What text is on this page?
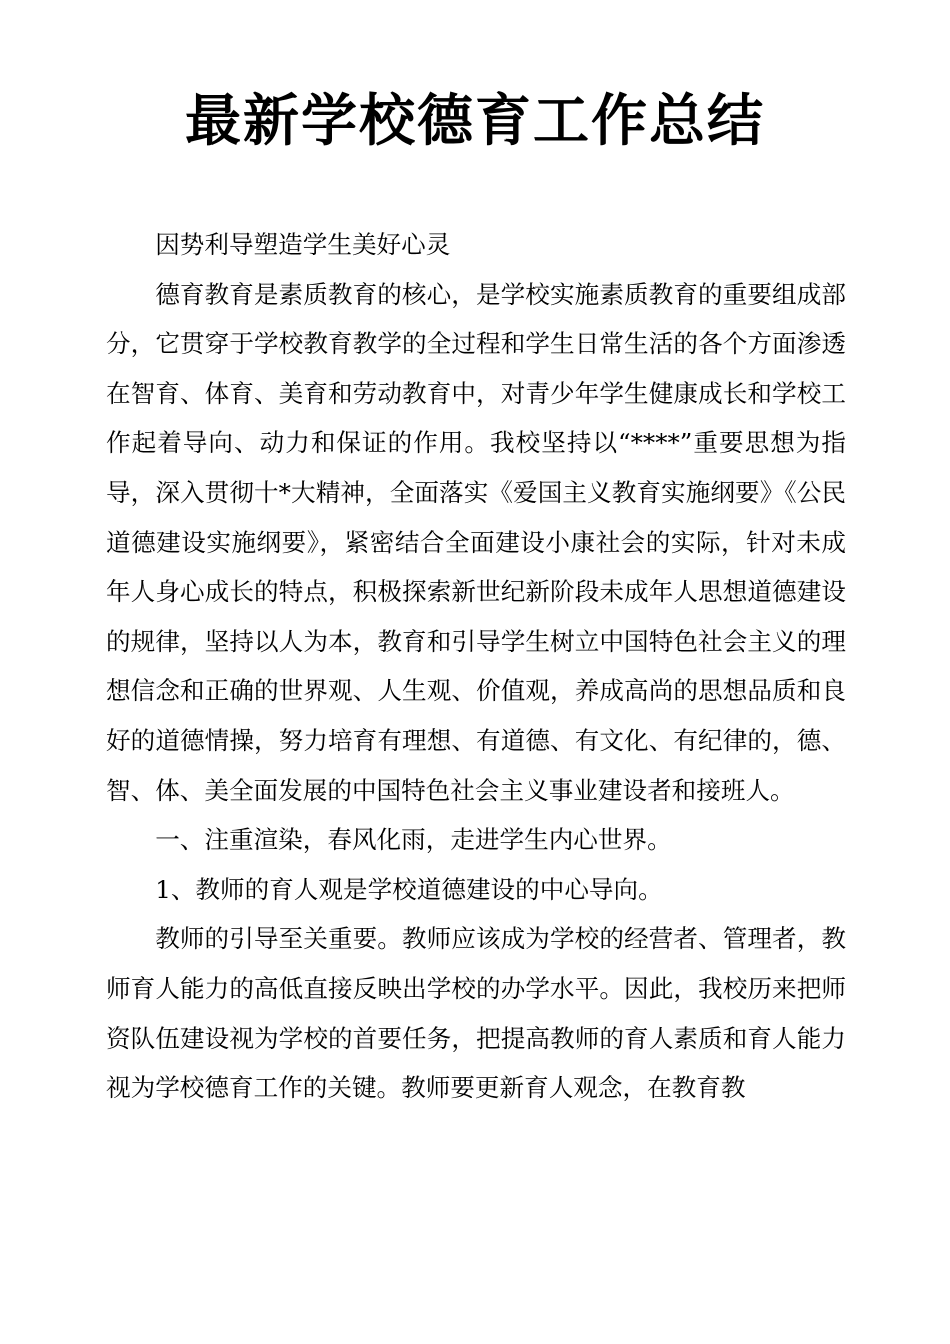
最新学校德育工作总结

因势利导塑造学生美好心灵

德育教育是素质教育的核心，是学校实施素质教育的重要组成部分，它贯穿于学校教育教学的全过程和学生日常生活的各个方面渗透在智育、体育、美育和劳动教育中，对青少年学生健康成长和学校工作起着导向、动力和保证的作用。我校坚持以“****”重要思想为指导，深入贯彻十*大精神，全面落实《爱国主义教育实施纲要》《公民道德建设实施纲要》，紧密结合全面建设小康社会的实际，针对未成年人身心成长的特点，积极探索新世纪新阶段未成年人思想道德建设的规律，坚持以人为本，教育和引导学生树立中国特色社会主义的理想信念和正确的世界观、人生观、价值观，养成高尚的思想品质和良好的道德情操，努力培育有理想、有道德、有文化、有纪律的，德、智、体、美全面发展的中国特色社会主义事业建设者和接班人。

一、注重渲染，春风化雨，走进学生内心世界。

1、教师的育人观是学校道德建设的中心导向。

教师的引导至关重要。教师应该成为学校的经营者、管理者，教师育人能力的高低直接反映出学校的办学水平。因此，我校历来把师资队伍建设视为学校的首要任务，把提高教师的育人素质和育人能力视为学校德育工作的关键。教师要更新育人观念，在教育教
